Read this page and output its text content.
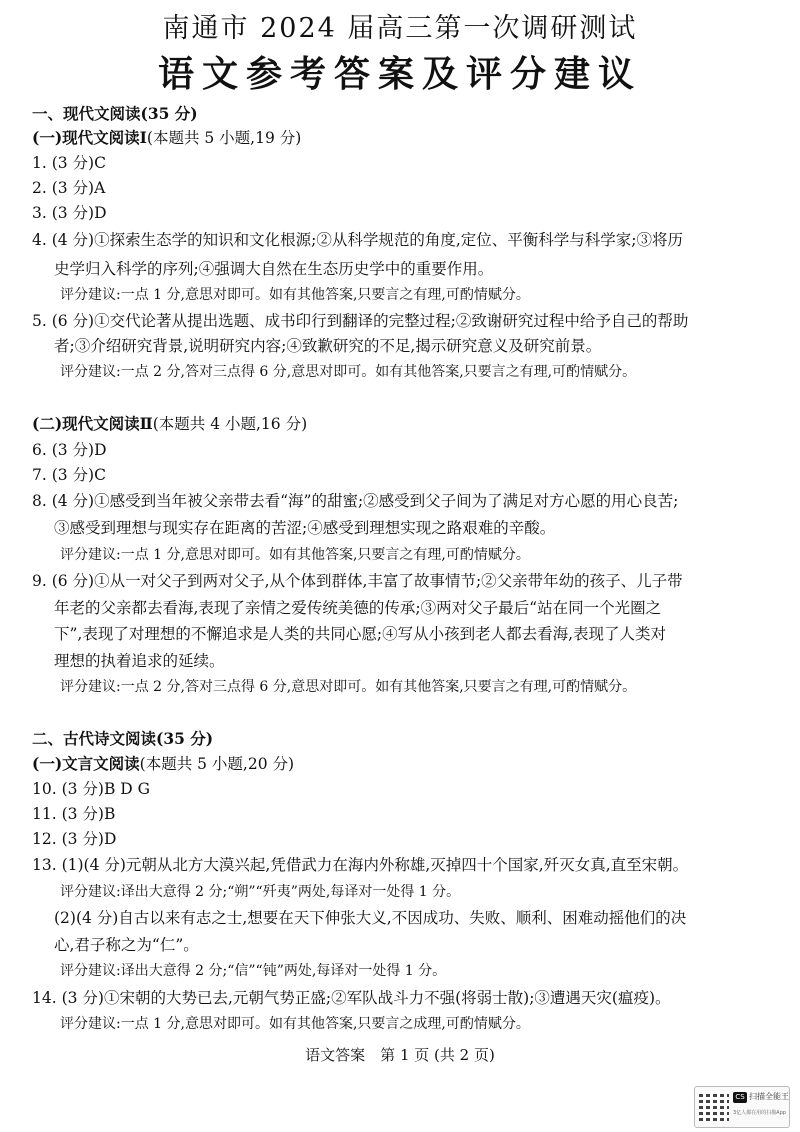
南通市 2024 届高三第一次调研测试
语文参考答案及评分建议
一、现代文阅读(35 分)
(一)现代文阅读Ⅰ(本题共 5 小题,19 分)
1. (3 分)C
2. (3 分)A
3. (3 分)D
4. (4 分)①探索生态学的知识和文化根源;②从科学规范的角度,定位、平衡科学与科学家;③将历
史学归入科学的序列;④强调大自然在生态历史学中的重要作用。
评分建议:一点 1 分,意思对即可。如有其他答案,只要言之有理,可酌情赋分。
5. (6 分)①交代论著从提出选题、成书印行到翻译的完整过程;②致谢研究过程中给予自己的帮助
者;③介绍研究背景,说明研究内容;④致歉研究的不足,揭示研究意义及研究前景。
评分建议:一点 2 分,答对三点得 6 分,意思对即可。如有其他答案,只要言之有理,可酌情赋分。
(二)现代文阅读Ⅱ(本题共 4 小题,16 分)
6. (3 分)D
7. (3 分)C
8. (4 分)①感受到当年被父亲带去看“海”的甜蜜;②感受到父子间为了满足对方心愿的用心良苦;
③感受到理想与现实存在距离的苦涩;④感受到理想实现之路艰难的辛酸。
评分建议:一点 1 分,意思对即可。如有其他答案,只要言之有理,可酌情赋分。
9. (6 分)①从一对父子到两对父子,从个体到群体,丰富了故事情节;②父亲带年幼的孩子、儿子带
年老的父亲都去看海,表现了亲情之爱传统美德的传承;③两对父子最后“站在同一个光圈之
下”,表现了对理想的不懈追求是人类的共同心愿;④写从小孩到老人都去看海,表现了人类对
理想的执着追求的延续。
评分建议:一点 2 分,答对三点得 6 分,意思对即可。如有其他答案,只要言之有理,可酌情赋分。
二、古代诗文阅读(35 分)
(一)文言文阅读(本题共 5 小题,20 分)
10. (3 分)B D G
11. (3 分)B
12. (3 分)D
13. (1)(4 分)元朝从北方大漠兴起,凭借武力在海内外称雄,灭掉四十个国家,歼灭女真,直至宋朝。
评分建议:译出大意得 2 分;“朔”“歼夷”两处,每译对一处得 1 分。
(2)(4 分)自古以来有志之士,想要在天下伸张大义,不因成功、失败、顺利、困难动摇他们的决
心,君子称之为“仁”。
评分建议:译出大意得 2 分;“信”“钝”两处,每译对一处得 1 分。
14. (3 分)①宋朝的大势已去,元朝气势正盛;②军队战斗力不强(将弱士散);③遭遇天灾(瘟疫)。
评分建议:一点 1 分,意思对即可。如有其他答案,只要言之成理,可酌情赋分。
语文答案　第 1 页 (共 2 页)
CS 扫描全能王
3亿人都在用的扫描App
